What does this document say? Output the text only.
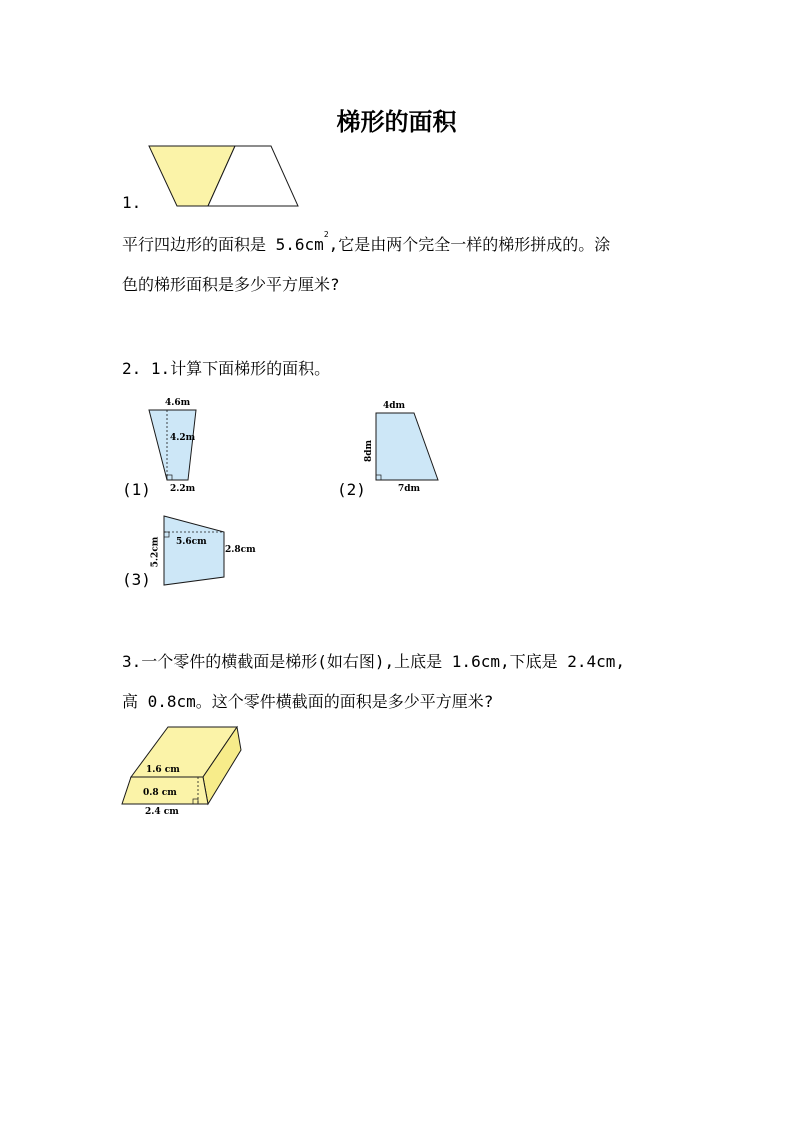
梯形的面积
1.
平行四边形的面积是 $5.6cm^2$,它是由两个完全一样的梯形拼成的。涂
色的梯形面积是多少平方厘米?
2. 1.计算下面梯形的面积。
4.6m
4.2m
2.2m
(1)
4dm
8dm
7dm
(2)
5.2cm 5.6cm
2.8cm
(3)
3.一个零件的横截面是梯形(如右图),上底是 1.6cm,下底是 2.4cm,
高 0.8cm。这个零件横截面的面积是多少平方厘米?
1.6 cm
0.8 cm
2.4 cm
